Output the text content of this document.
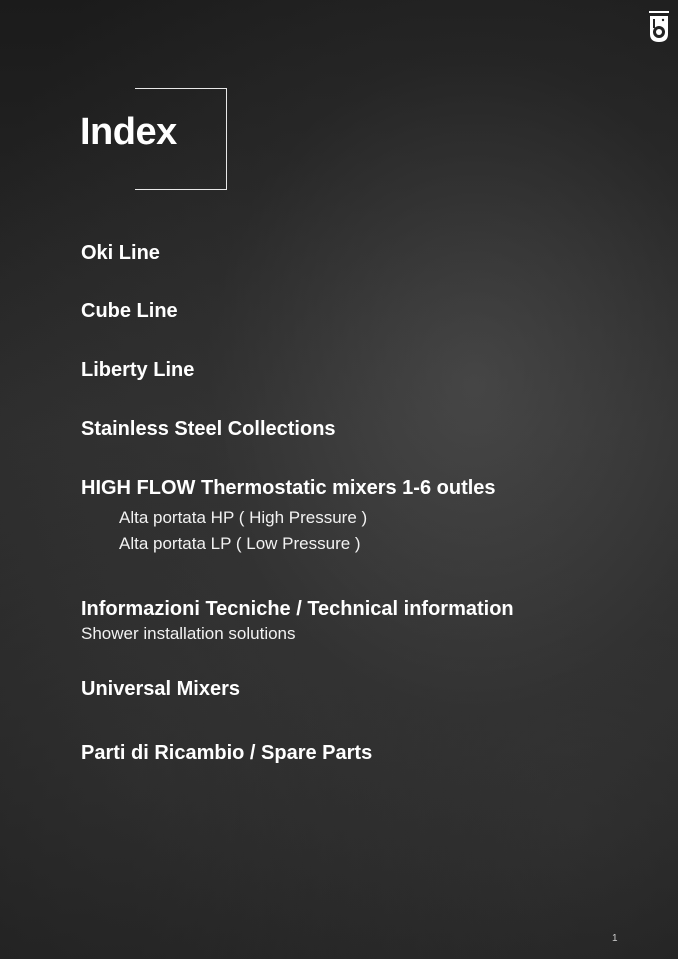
Index
Oki Line
Cube Line
Liberty Line
Stainless Steel Collections
HIGH FLOW Thermostatic mixers 1-6 outles
Alta portata HP ( High Pressure )
Alta portata LP ( Low Pressure )
Informazioni Tecniche / Technical information
Shower installation solutions
Universal Mixers
Parti di Ricambio / Spare Parts
1
